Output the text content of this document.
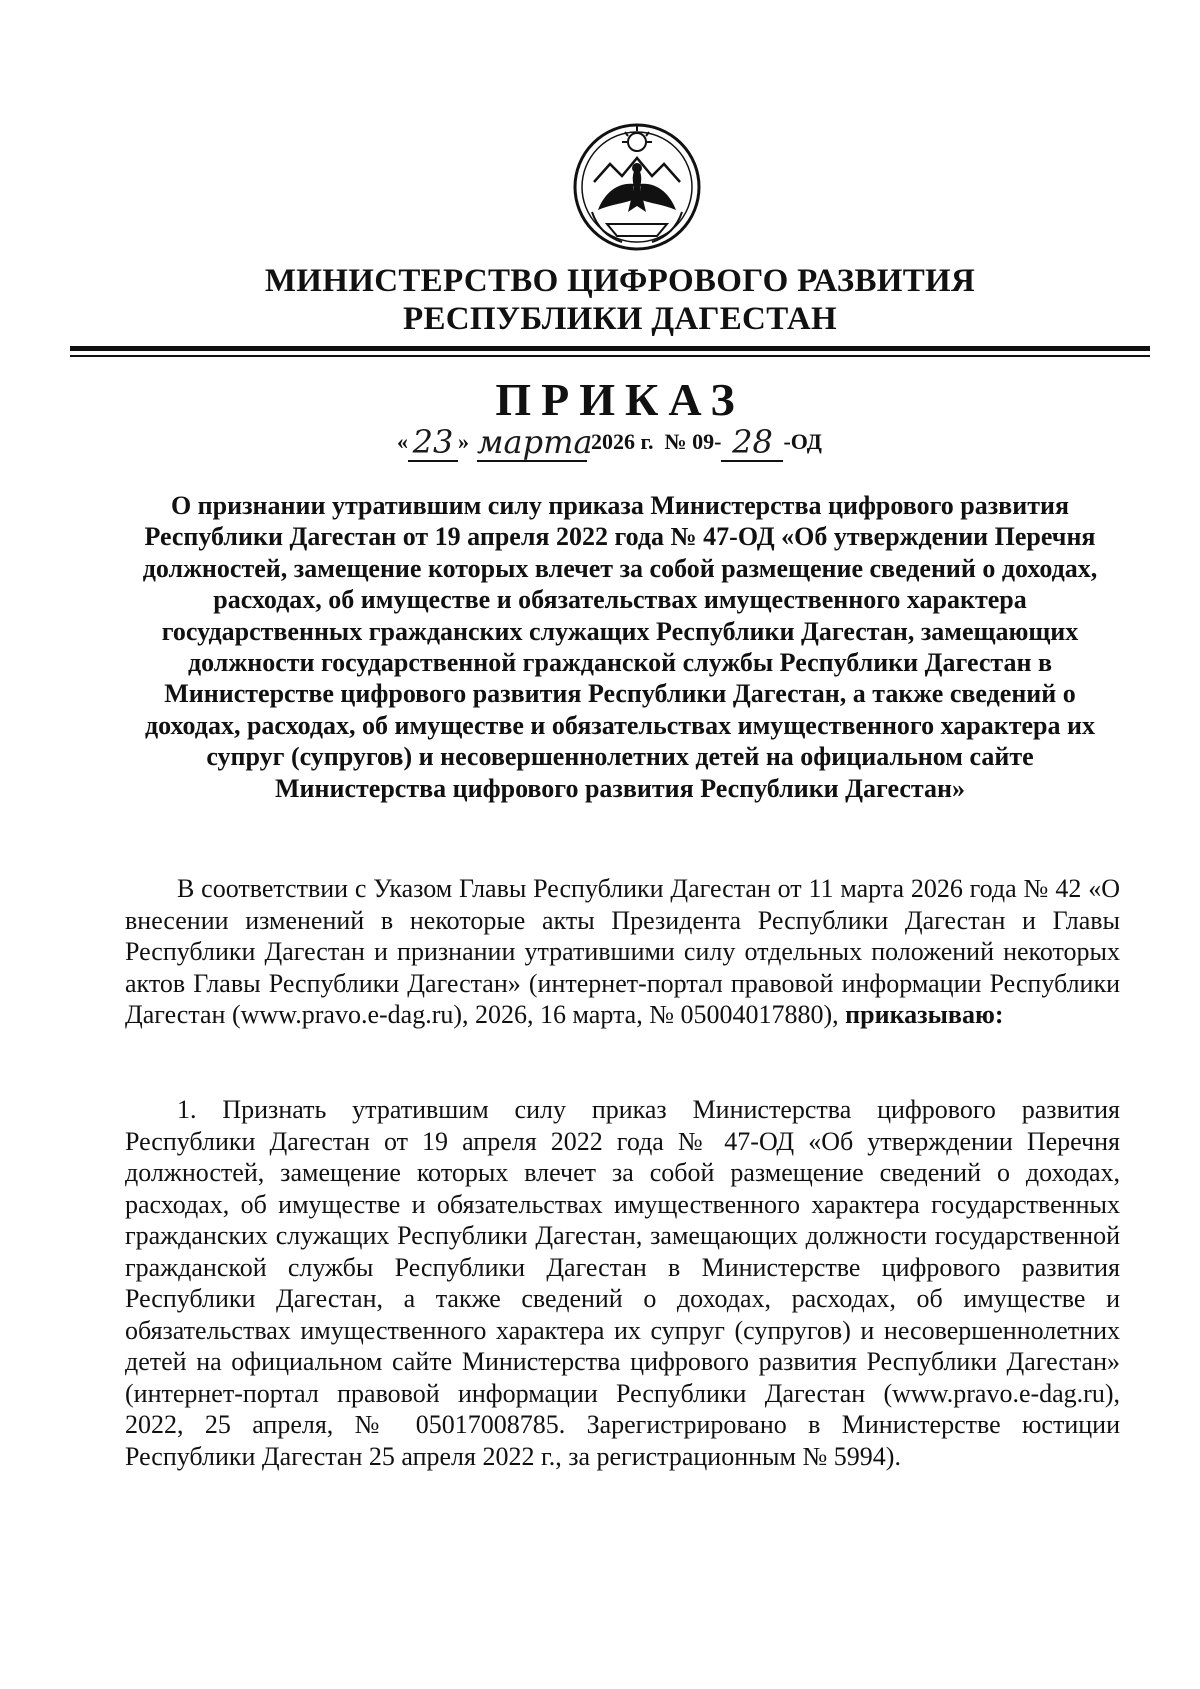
МИНИСТЕРСТВО ЦИФРОВОГО РАЗВИТИЯ
РЕСПУБЛИКИ ДАГЕСТАН
ПРИКАЗ
« 23 » марта2026 г. № 09- 28 -ОД
О признании утратившим силу приказа Министерства цифрового развития Республики Дагестан от 19 апреля 2022 года № 47-ОД «Об утверждении Перечня должностей, замещение которых влечет за собой размещение сведений о доходах, расходах, об имуществе и обязательствах имущественного характера государственных гражданских служащих Республики Дагестан, замещающих должности государственной гражданской службы Республики Дагестан в Министерстве цифрового развития Республики Дагестан, а также сведений о доходах, расходах, об имуществе и обязательствах имущественного характера их супруг (супругов) и несовершеннолетних детей на официальном сайте Министерства цифрового развития Республики Дагестан»
В соответствии с Указом Главы Республики Дагестан от 11 марта 2026 года № 42 «О внесении изменений в некоторые акты Президента Республики Дагестан и Главы Республики Дагестан и признании утратившими силу отдельных положений некоторых актов Главы Республики Дагестан» (интернет-портал правовой информации Республики Дагестан (www.pravo.e-dag.ru), 2026, 16 марта, № 05004017880), приказываю:
1. Признать утратившим силу приказ Министерства цифрового развития Республики Дагестан от 19 апреля 2022 года № 47-ОД «Об утверждении Перечня должностей, замещение которых влечет за собой размещение сведений о доходах, расходах, об имуществе и обязательствах имущественного характера государственных гражданских служащих Республики Дагестан, замещающих должности государственной гражданской службы Республики Дагестан в Министерстве цифрового развития Республики Дагестан, а также сведений о доходах, расходах, об имуществе и обязательствах имущественного характера их супруг (супругов) и несовершеннолетних детей на официальном сайте Министерства цифрового развития Республики Дагестан» (интернет-портал правовой информации Республики Дагестан (www.pravo.e-dag.ru), 2022, 25 апреля, № 05017008785. Зарегистрировано в Министерстве юстиции Республики Дагестан 25 апреля 2022 г., за регистрационным № 5994).
